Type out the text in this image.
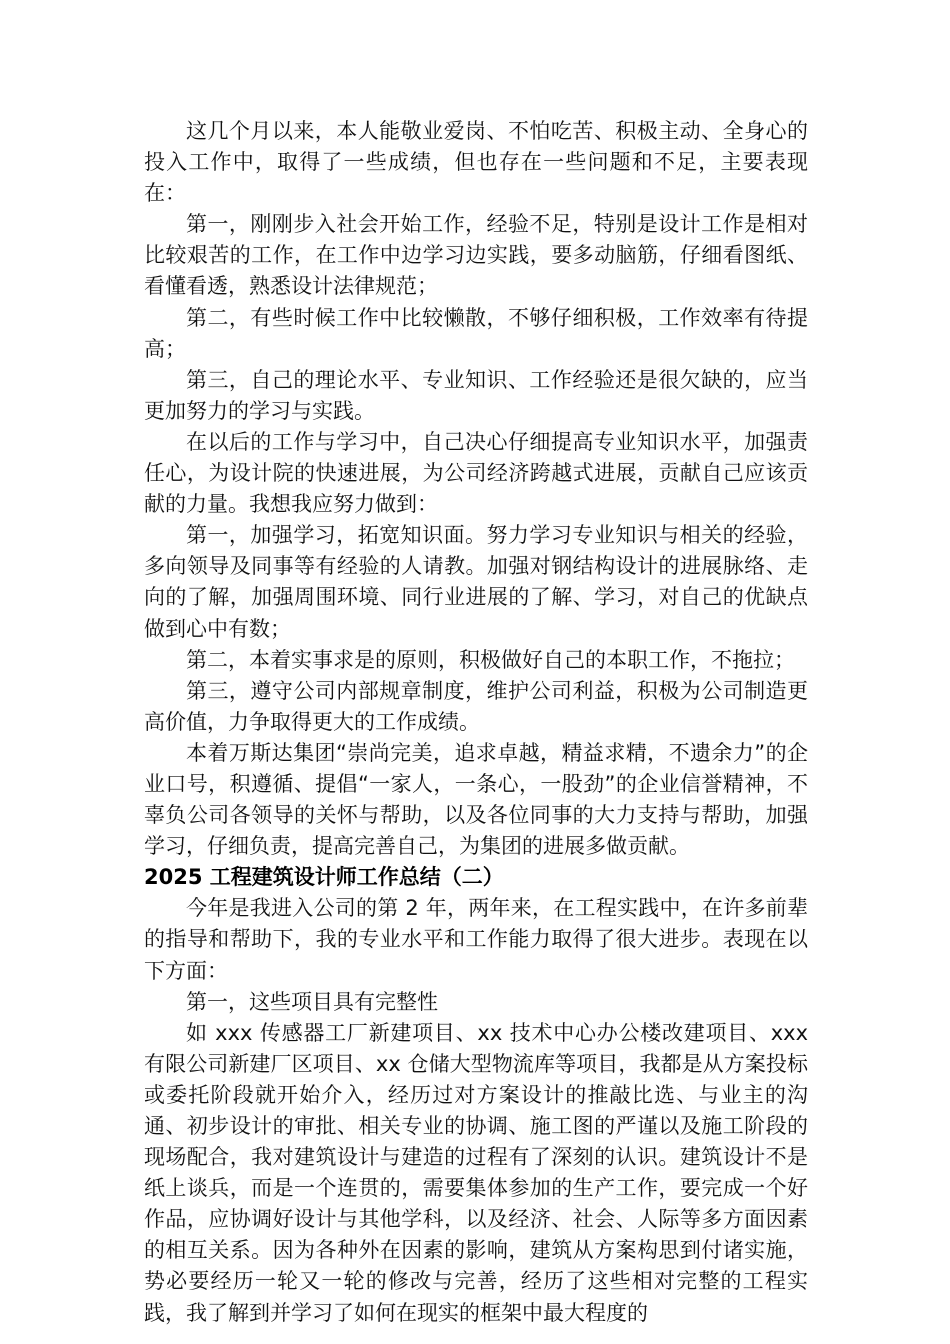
这几个月以来，本人能敬业爱岗、不怕吃苦、积极主动、全身心的投入工作中，取得了一些成绩，但也存在一些问题和不足，主要表现在：

第一，刚刚步入社会开始工作，经验不足，特别是设计工作是相对比较艰苦的工作，在工作中边学习边实践，要多动脑筋，仔细看图纸、看懂看透，熟悉设计法律规范；

第二，有些时候工作中比较懒散，不够仔细积极，工作效率有待提高；

第三，自己的理论水平、专业知识、工作经验还是很欠缺的，应当更加努力的学习与实践。

在以后的工作与学习中，自己决心仔细提高专业知识水平，加强责任心，为设计院的快速进展，为公司经济跨越式进展，贡献自己应该贡献的力量。我想我应努力做到：

第一，加强学习，拓宽知识面。努力学习专业知识与相关的经验，多向领导及同事等有经验的人请教。加强对钢结构设计的进展脉络、走向的了解，加强周围环境、同行业进展的了解、学习，对自己的优缺点做到心中有数；

第二，本着实事求是的原则，积极做好自己的本职工作，不拖拉；

第三，遵守公司内部规章制度，维护公司利益，积极为公司制造更高价值，力争取得更大的工作成绩。

本着万斯达集团“崇尚完美，追求卓越，精益求精，不遗余力”的企业口号，积遵循、提倡“一家人，一条心，一股劲”的企业信誉精神，不辜负公司各领导的关怀与帮助，以及各位同事的大力支持与帮助，加强学习，仔细负责，提高完善自己，为集团的进展多做贡献。

2025 工程建筑设计师工作总结（二）

今年是我进入公司的第 2 年，两年来，在工程实践中，在许多前辈的指导和帮助下，我的专业水平和工作能力取得了很大进步。表现在以下方面：

第一，这些项目具有完整性

如 xxx 传感器工厂新建项目、xx 技术中心办公楼改建项目、xxx 有限公司新建厂区项目、xx 仓储大型物流库等项目，我都是从方案投标或委托阶段就开始介入，经历过对方案设计的推敲比选、与业主的沟通、初步设计的审批、相关专业的协调、施工图的严谨以及施工阶段的现场配合，我对建筑设计与建造的过程有了深刻的认识。建筑设计不是纸上谈兵，而是一个连贯的，需要集体参加的生产工作，要完成一个好作品，应协调好设计与其他学科，以及经济、社会、人际等多方面因素的相互关系。因为各种外在因素的影响，建筑从方案构思到付诸实施，势必要经历一轮又一轮的修改与完善，经历了这些相对完整的工程实践，我了解到并学习了如何在现实的框架中最大程度的
